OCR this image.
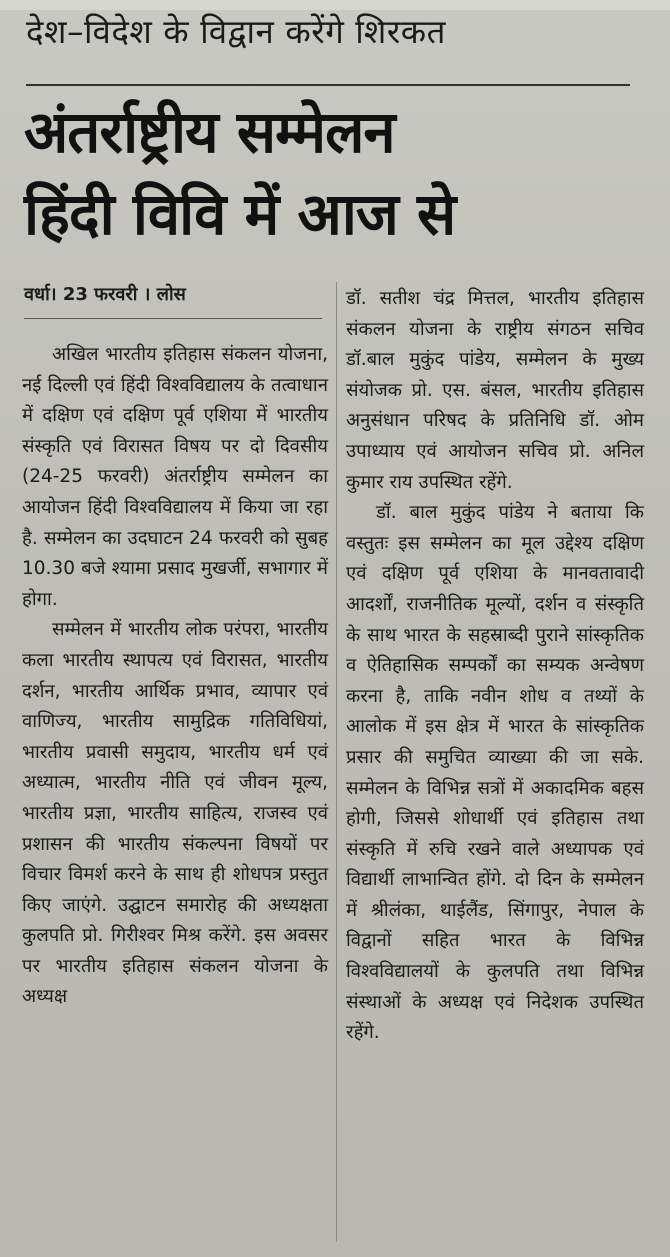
देश–विदेश के विद्वान करेंगे शिरकत
अंतर्राष्ट्रीय सम्मेलन
हिंदी विवि में आज से
वर्धा। 23 फरवरी । लोस

अखिल भारतीय इतिहास संकलन योजना, नई दिल्ली एवं हिंदी विश्वविद्यालय के तत्वाधान में दक्षिण एवं दक्षिण पूर्व एशिया में भारतीय संस्कृति एवं विरासत विषय पर दो दिवसीय (24-25 फरवरी) अंतर्राष्ट्रीय सम्मेलन का आयोजन हिंदी विश्वविद्यालय में किया जा रहा है. सम्मेलन का उदघाटन 24 फरवरी को सुबह 10.30 बजे श्यामा प्रसाद मुखर्जी, सभागार में होगा.

सम्मेलन में भारतीय लोक परंपरा, भारतीय कला भारतीय स्थापत्य एवं विरासत, भारतीय दर्शन, भारतीय आर्थिक प्रभाव, व्यापार एवं वाणिज्य, भारतीय सामुद्रिक गतिविधियां, भारतीय प्रवासी समुदाय, भारतीय धर्म एवं अध्यात्म, भारतीय नीति एवं जीवन मूल्य, भारतीय प्रज्ञा, भारतीय साहित्य, राजस्व एवं प्रशासन की भारतीय संकल्पना विषयों पर विचार विमर्श करने के साथ ही शोधपत्र प्रस्तुत किए जाएंगे. उद्घाटन समारोह की अध्यक्षता कुलपति प्रो. गिरीश्वर मिश्र करेंगे. इस अवसर पर भारतीय इतिहास संकलन योजना के अध्यक्ष

डॉ. सतीश चंद्र मित्तल, भारतीय इतिहास संकलन योजना के राष्ट्रीय संगठन सचिव डॉ.बाल मुकुंद पांडेय, सम्मेलन के मुख्य संयोजक प्रो. एस. बंसल, भारतीय इतिहास अनुसंधान परिषद के प्रतिनिधि डॉ. ओम उपाध्याय एवं आयोजन सचिव प्रो. अनिल कुमार राय उपस्थित रहेंगे.

डॉ. बाल मुकुंद पांडेय ने बताया कि वस्तुतः इस सम्मेलन का मूल उद्देश्य दक्षिण एवं दक्षिण पूर्व एशिया के मानवतावादी आदर्शों, राजनीतिक मूल्यों, दर्शन व संस्कृति के साथ भारत के सहस्राब्दी पुराने सांस्कृतिक व ऐतिहासिक सम्पर्कों का सम्यक अन्वेषण करना है, ताकि नवीन शोध व तथ्यों के आलोक में इस क्षेत्र में भारत के सांस्कृतिक प्रसार की समुचित व्याख्या की जा सके. सम्मेलन के विभिन्न सत्रों में अकादमिक बहस होगी, जिससे शोधार्थी एवं इतिहास तथा संस्कृति में रुचि रखने वाले अध्यापक एवं विद्यार्थी लाभान्वित होंगे. दो दिन के सम्मेलन में श्रीलंका, थाईलैंड, सिंगापुर, नेपाल के विद्वानों सहित भारत के विभिन्न विश्वविद्यालयों के कुलपति तथा विभिन्न संस्थाओं के अध्यक्ष एवं निदेशक उपस्थित रहेंगे.
